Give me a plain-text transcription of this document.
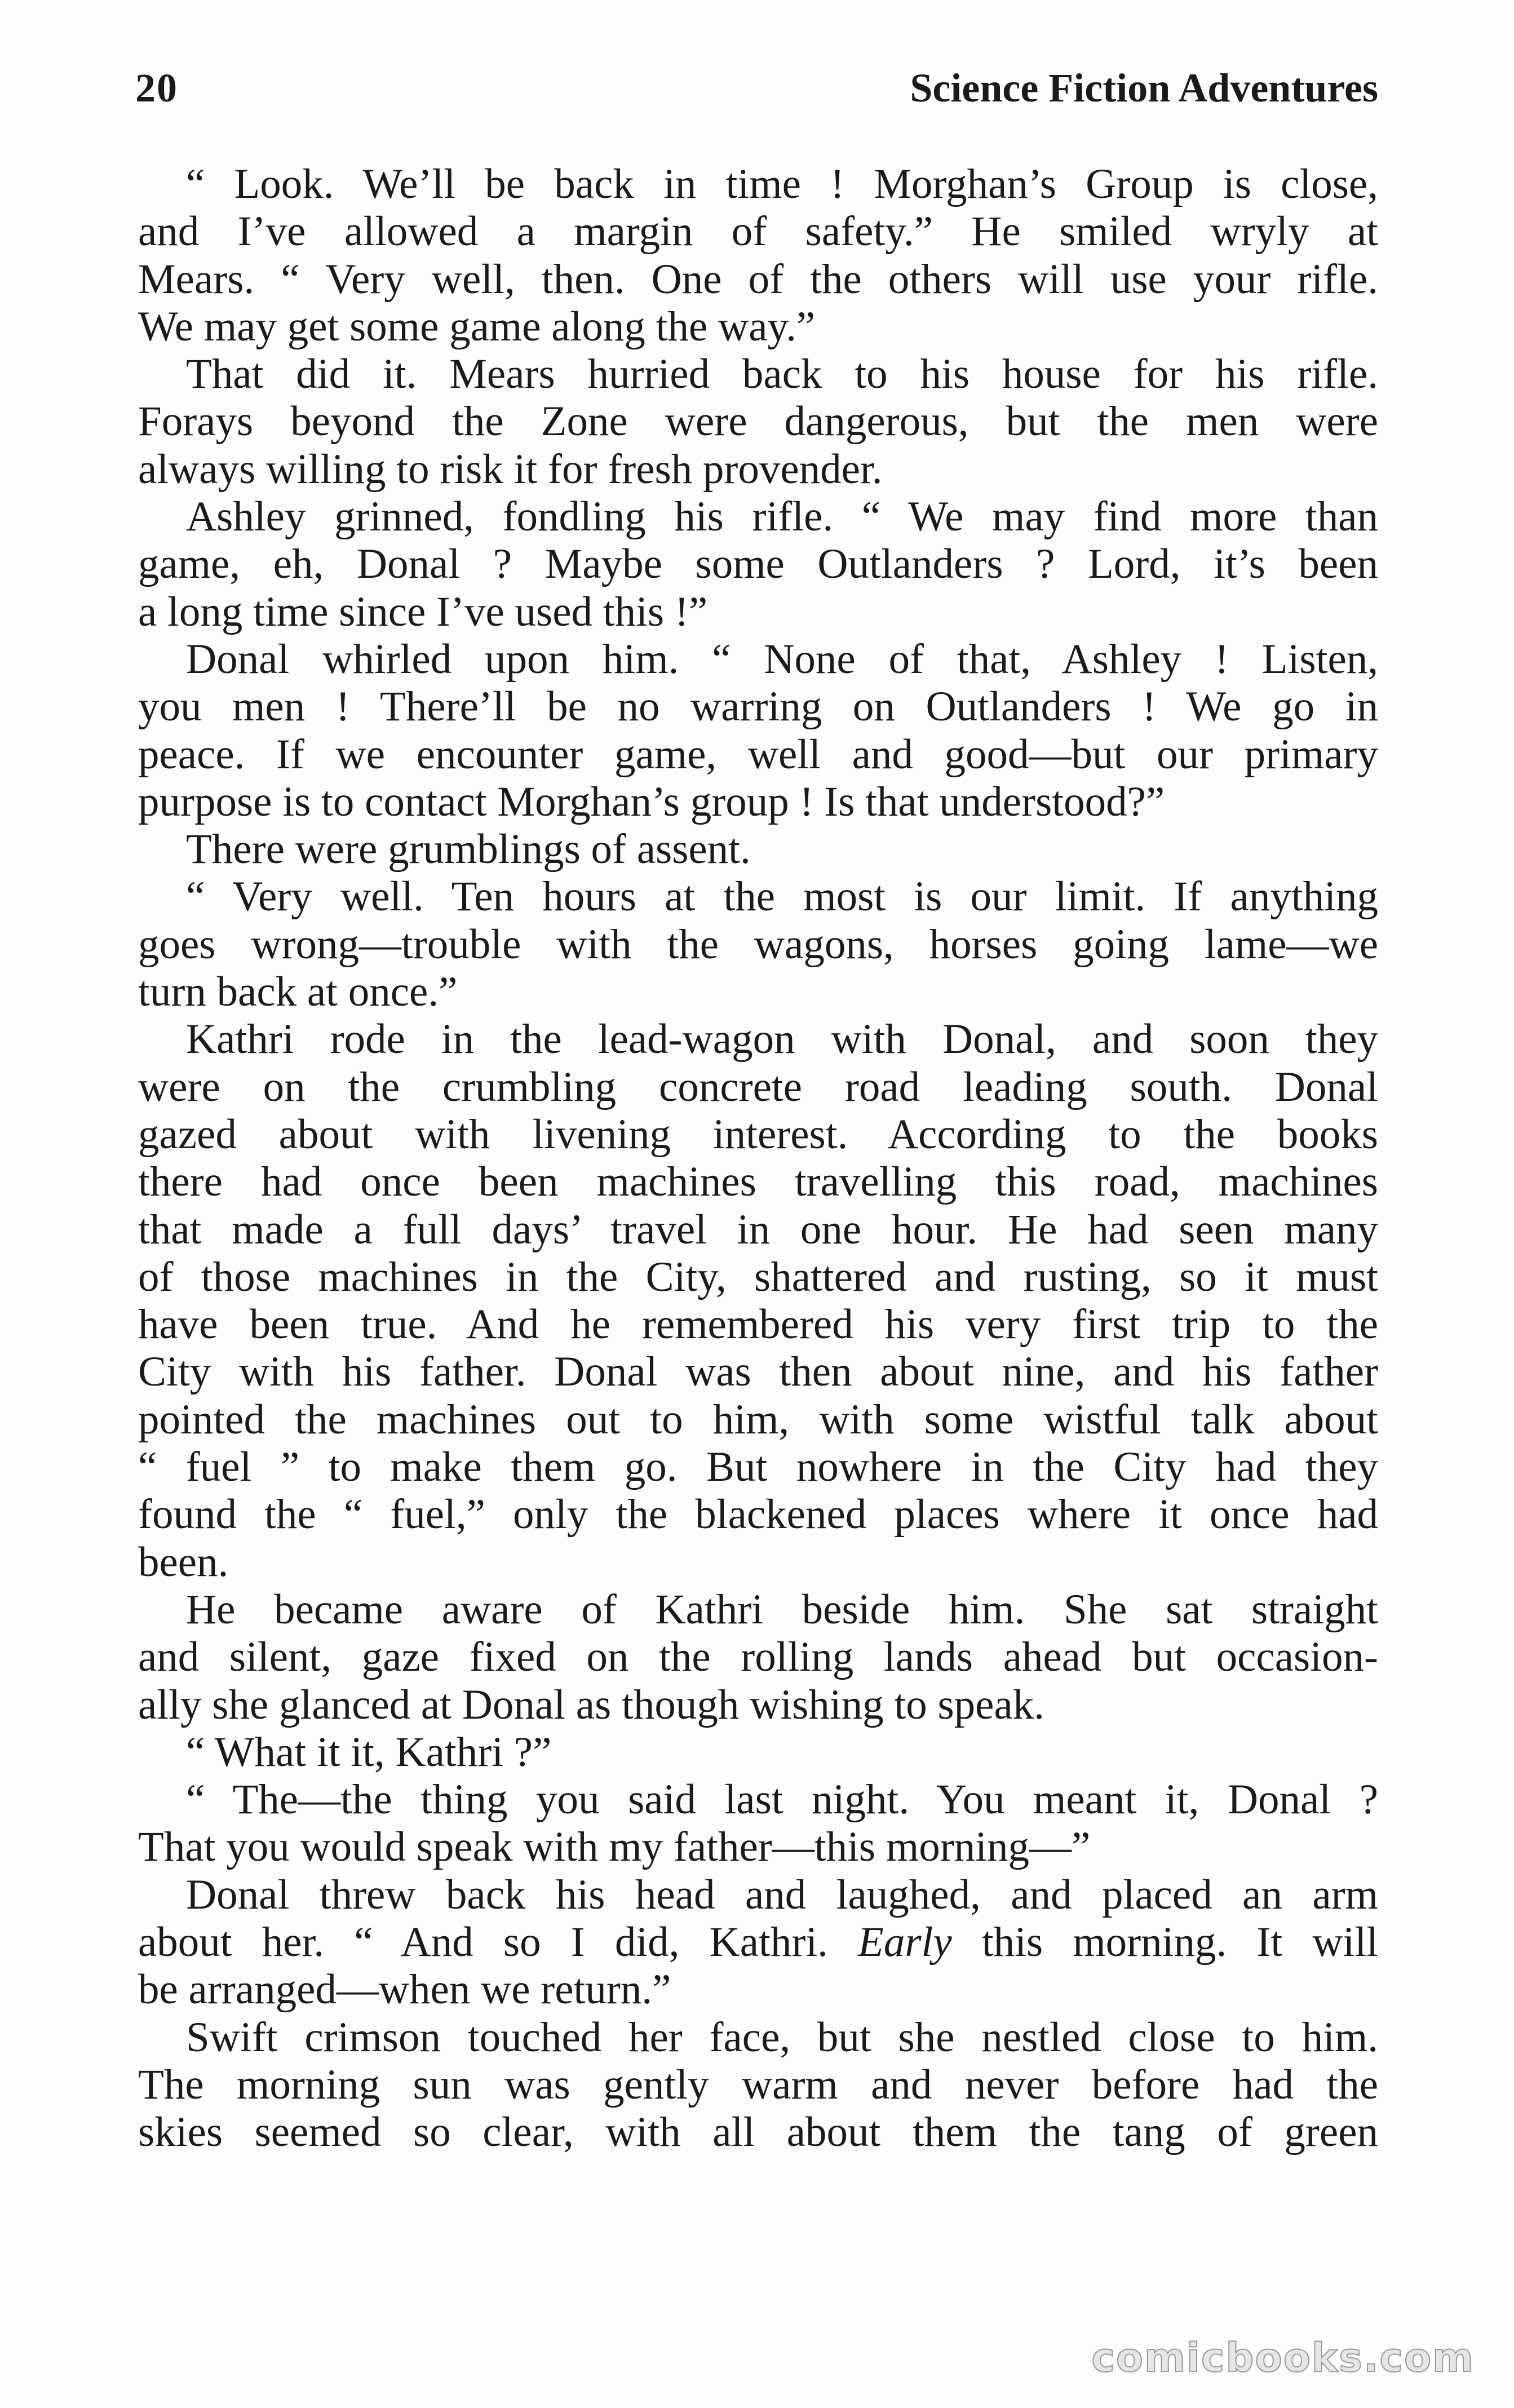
20	Science Fiction Adventures
“ Look. We’ll be back in time ! Morghan’s Group is close,
and I’ve allowed a margin of safety.” He smiled wryly at
Mears. “ Very well, then. One of the others will use your rifle.
We may get some game along the way.”
That did it. Mears hurried back to his house for his rifle.
Forays beyond the Zone were dangerous, but the men were
always willing to risk it for fresh provender.
Ashley grinned, fondling his rifle. “ We may find more than
game, eh, Donal ? Maybe some Outlanders ? Lord, it’s been
a long time since I’ve used this !”
Donal whirled upon him. “ None of that, Ashley ! Listen,
you men ! There’ll be no warring on Outlanders ! We go in
peace. If we encounter game, well and good—but our primary
purpose is to contact Morghan’s group ! Is that understood?”
There were grumblings of assent.
“ Very well. Ten hours at the most is our limit. If anything
goes wrong—trouble with the wagons, horses going lame—we
turn back at once.”
Kathri rode in the lead-wagon with Donal, and soon they
were on the crumbling concrete road leading south. Donal
gazed about with livening interest. According to the books
there had once been machines travelling this road, machines
that made a full days’ travel in one hour. He had seen many
of those machines in the City, shattered and rusting, so it must
have been true. And he remembered his very first trip to the
City with his father. Donal was then about nine, and his father
pointed the machines out to him, with some wistful talk about
“ fuel ” to make them go. But nowhere in the City had they
found the “ fuel,” only the blackened places where it once had
been.
He became aware of Kathri beside him. She sat straight
and silent, gaze fixed on the rolling lands ahead but occasion-
ally she glanced at Donal as though wishing to speak.
“ What it it, Kathri ?”
“ The—the thing you said last night. You meant it, Donal ?
That you would speak with my father—this morning—”
Donal threw back his head and laughed, and placed an arm
about her. “ And so I did, Kathri. Early this morning. It will
be arranged—when we return.”
Swift crimson touched her face, but she nestled close to him.
The morning sun was gently warm and never before had the
skies seemed so clear, with all about them the tang of green
comicbooks.com
